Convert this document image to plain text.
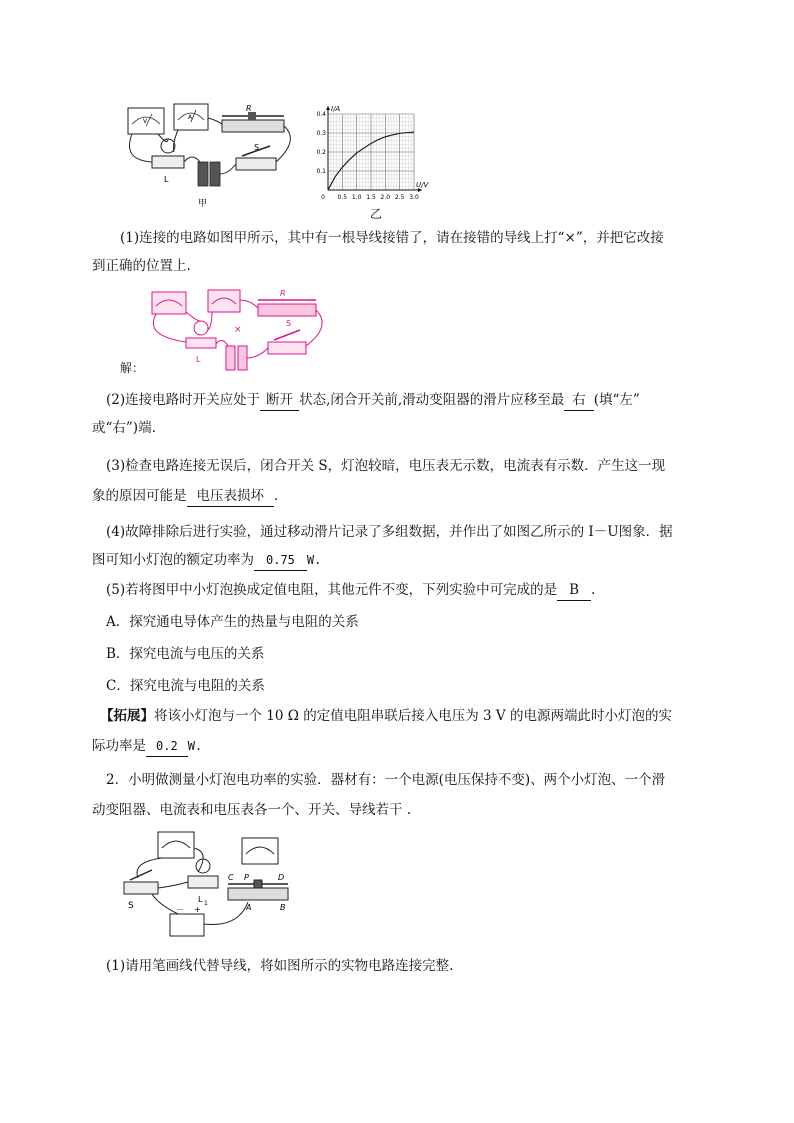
V
A
R
L
S
甲
0.5 1.0 1.5 2.0 2.5 3.0
0.1
0.2
0.3
0.4
0
I/A
U/V
(1)连接的电路如图甲所示，其中有一根导线接错了，请在接错的导线上打“×”，并把它改接
到正确的位置上.
R
S
L
×
解：
(2)连接电路时开关应处于 断开 状态,闭合开关前,滑动变阻器的滑片应移至最 右 (填“左”
或“右”)端.
(3)检查电路连接无误后，闭合开关 S，灯泡较暗，电压表无示数，电流表有示数．产生这一现
象的原因可能是 电压表损坏 .
(4)故障排除后进行实验，通过移动滑片记录了多组数据，并作出了如图乙所示的 I－U图象．据
图可知小灯泡的额定功率为 0.75 W.
(5)若将图甲中小灯泡换成定值电阻，其他元件不变，下列实验中可完成的是 B .
A．探究通电导体产生的热量与电阻的关系
B．探究电流与电压的关系
C．探究电流与电阻的关系
【拓展】将该小灯泡与一个 10 Ω 的定值电阻串联后接入电压为 3 V 的电源两端此时小灯泡的实
际功率是 0.2 W.
2．小明做测量小灯泡电功率的实验．器材有：一个电源(电压保持不变)、两个小灯泡、一个滑
动变阻器、电流表和电压表各一个、开关、导线若干 .
S
L 1
C P	D
A	B
－ +
(1)请用笔画线代替导线，将如图所示的实物电路连接完整.
乙
